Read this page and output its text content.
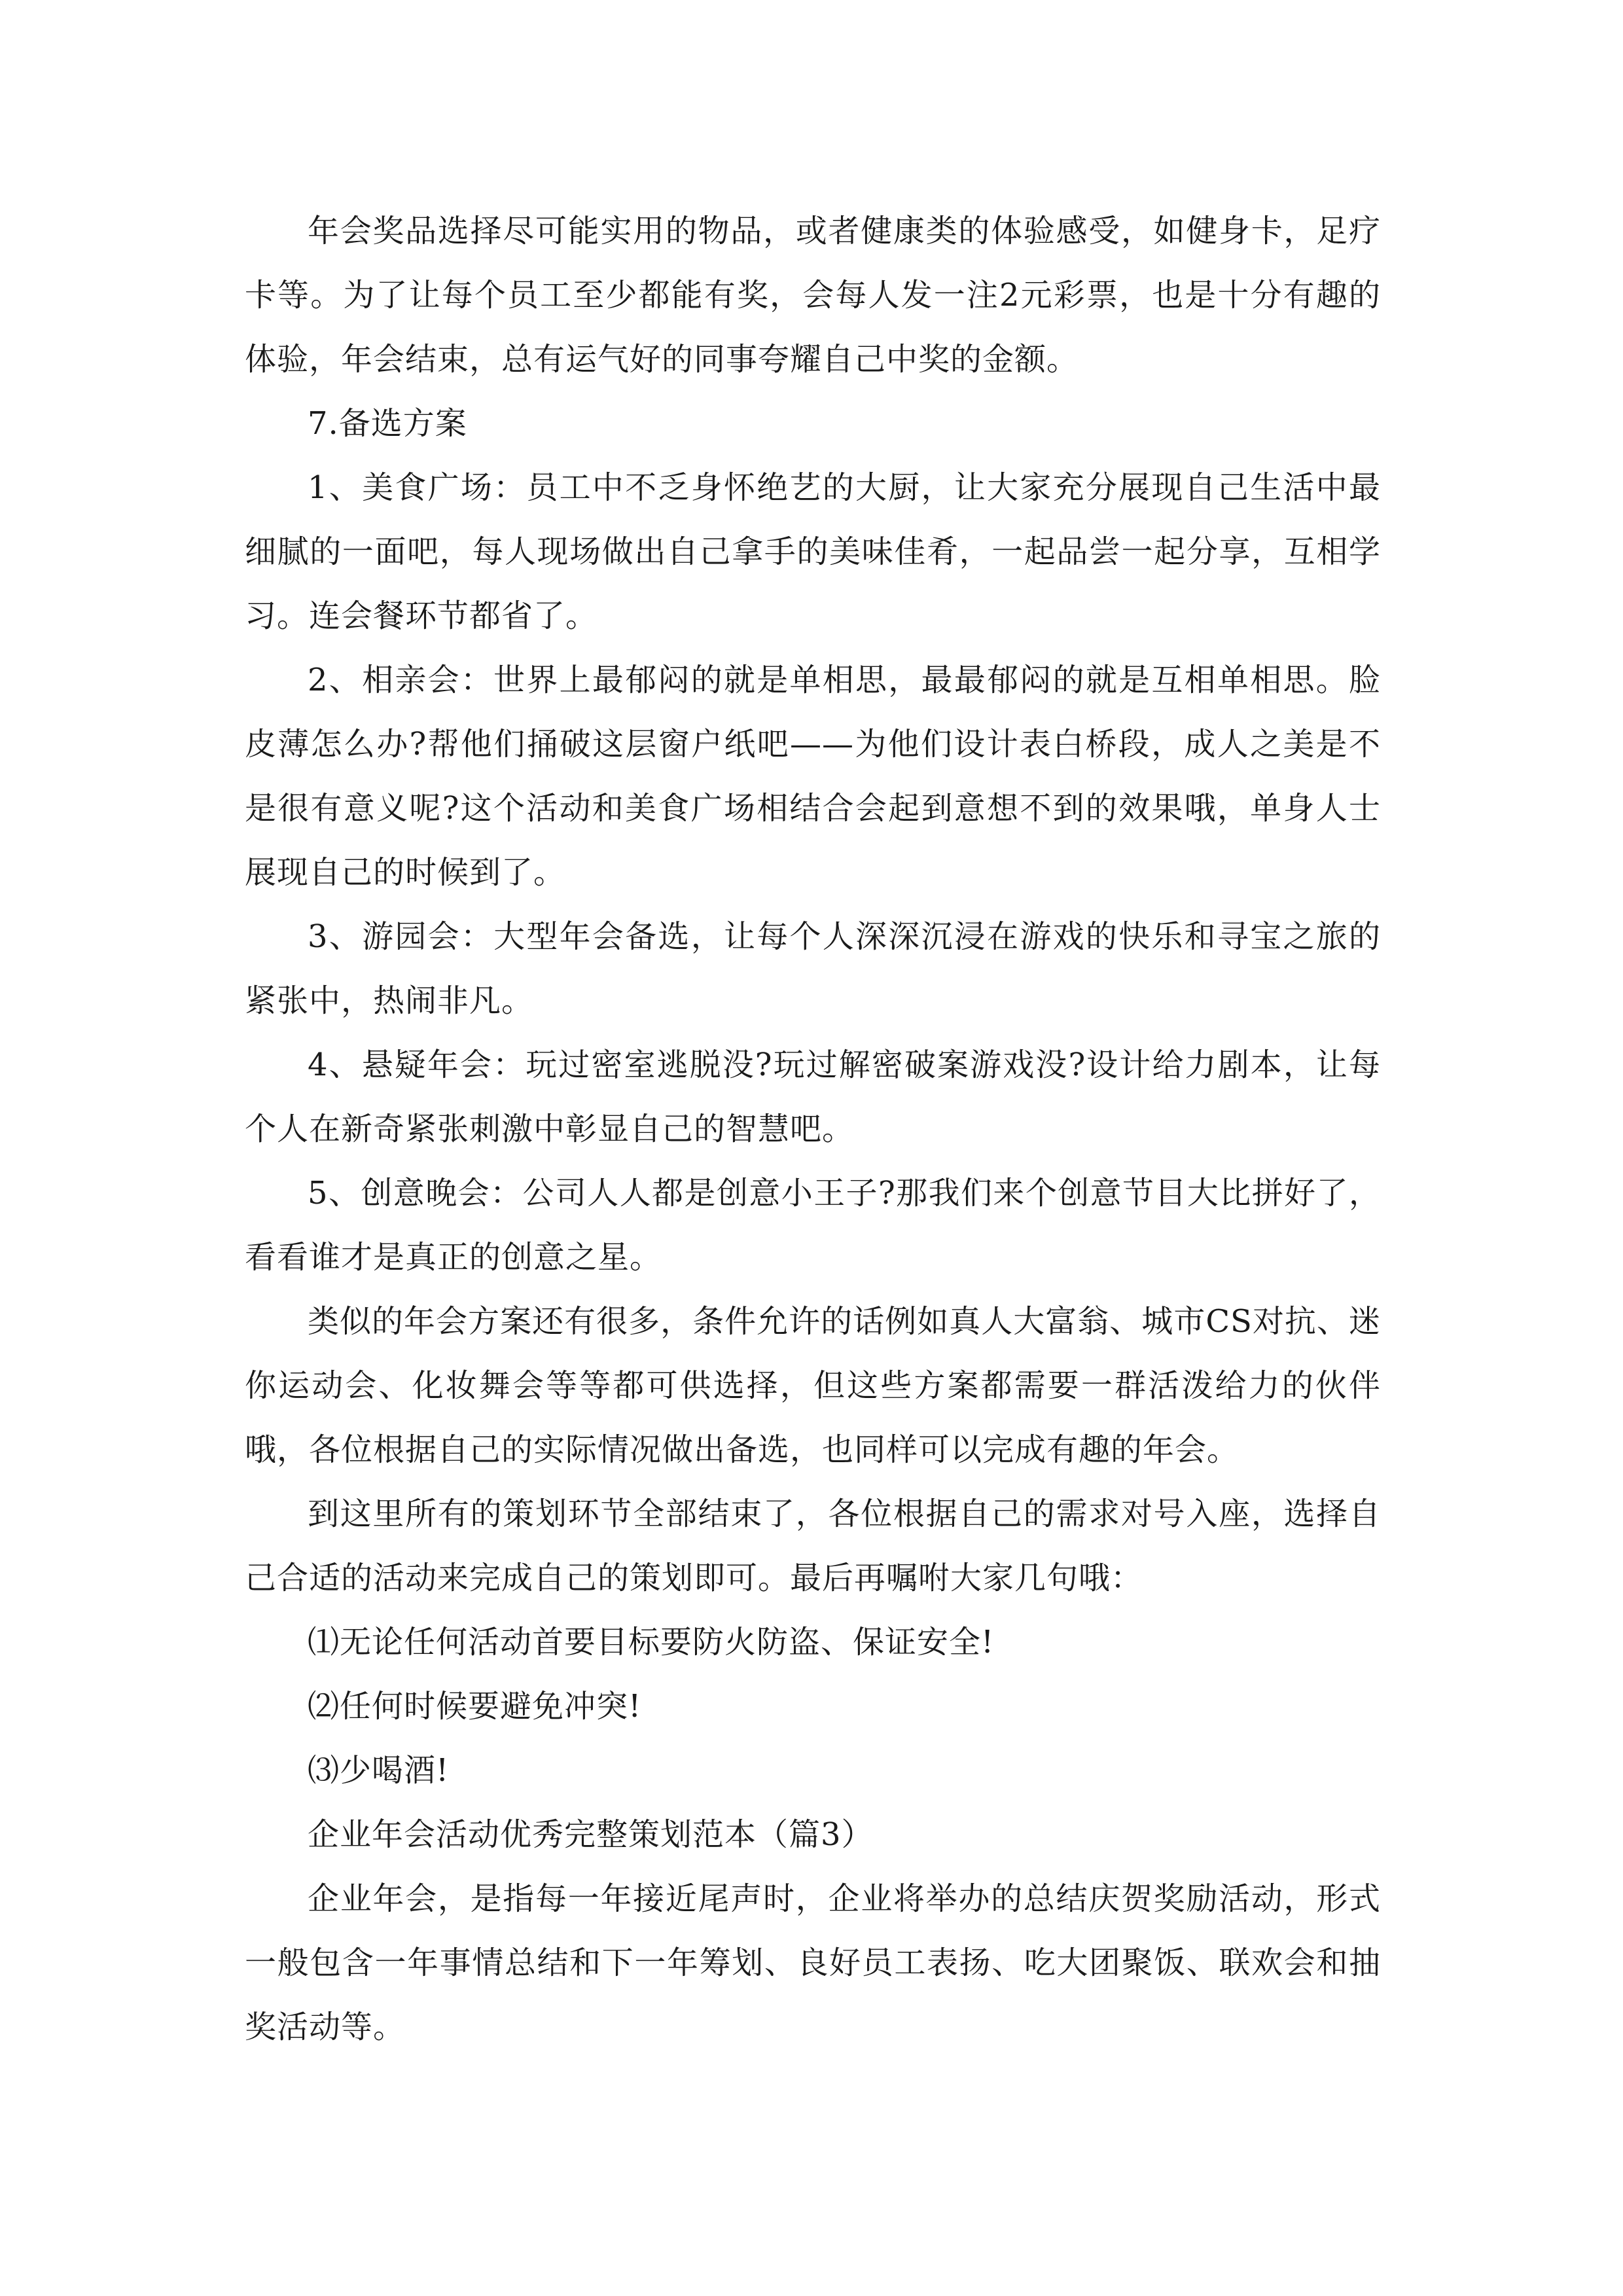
年会奖品选择尽可能实用的物品，或者健康类的体验感受，如健身卡，足疗卡等。为了让每个员工至少都能有奖，会每人发一注2元彩票，也是十分有趣的体验，年会结束，总有运气好的同事夸耀自己中奖的金额。

7.备选方案

1、美食广场：员工中不乏身怀绝艺的大厨，让大家充分展现自己生活中最细腻的一面吧，每人现场做出自己拿手的美味佳肴，一起品尝一起分享，互相学习。连会餐环节都省了。

2、相亲会：世界上最郁闷的就是单相思，最最郁闷的就是互相单相思。脸皮薄怎么办?帮他们捅破这层窗户纸吧——为他们设计表白桥段，成人之美是不是很有意义呢?这个活动和美食广场相结合会起到意想不到的效果哦，单身人士展现自己的时候到了。

3、游园会：大型年会备选，让每个人深深沉浸在游戏的快乐和寻宝之旅的紧张中，热闹非凡。

4、悬疑年会：玩过密室逃脱没?玩过解密破案游戏没?设计给力剧本，让每个人在新奇紧张刺激中彰显自己的智慧吧。

5、创意晚会：公司人人都是创意小王子?那我们来个创意节目大比拼好了，看看谁才是真正的创意之星。

类似的年会方案还有很多，条件允许的话例如真人大富翁、城市CS对抗、迷你运动会、化妆舞会等等都可供选择，但这些方案都需要一群活泼给力的伙伴哦，各位根据自己的实际情况做出备选，也同样可以完成有趣的年会。

到这里所有的策划环节全部结束了，各位根据自己的需求对号入座，选择自己合适的活动来完成自己的策划即可。最后再嘱咐大家几句哦：

⑴无论任何活动首要目标要防火防盗、保证安全!

⑵任何时候要避免冲突!

⑶少喝酒!

企业年会活动优秀完整策划范本（篇3）

企业年会，是指每一年接近尾声时，企业将举办的总结庆贺奖励活动，形式一般包含一年事情总结和下一年筹划、良好员工表扬、吃大团聚饭、联欢会和抽奖活动等。
